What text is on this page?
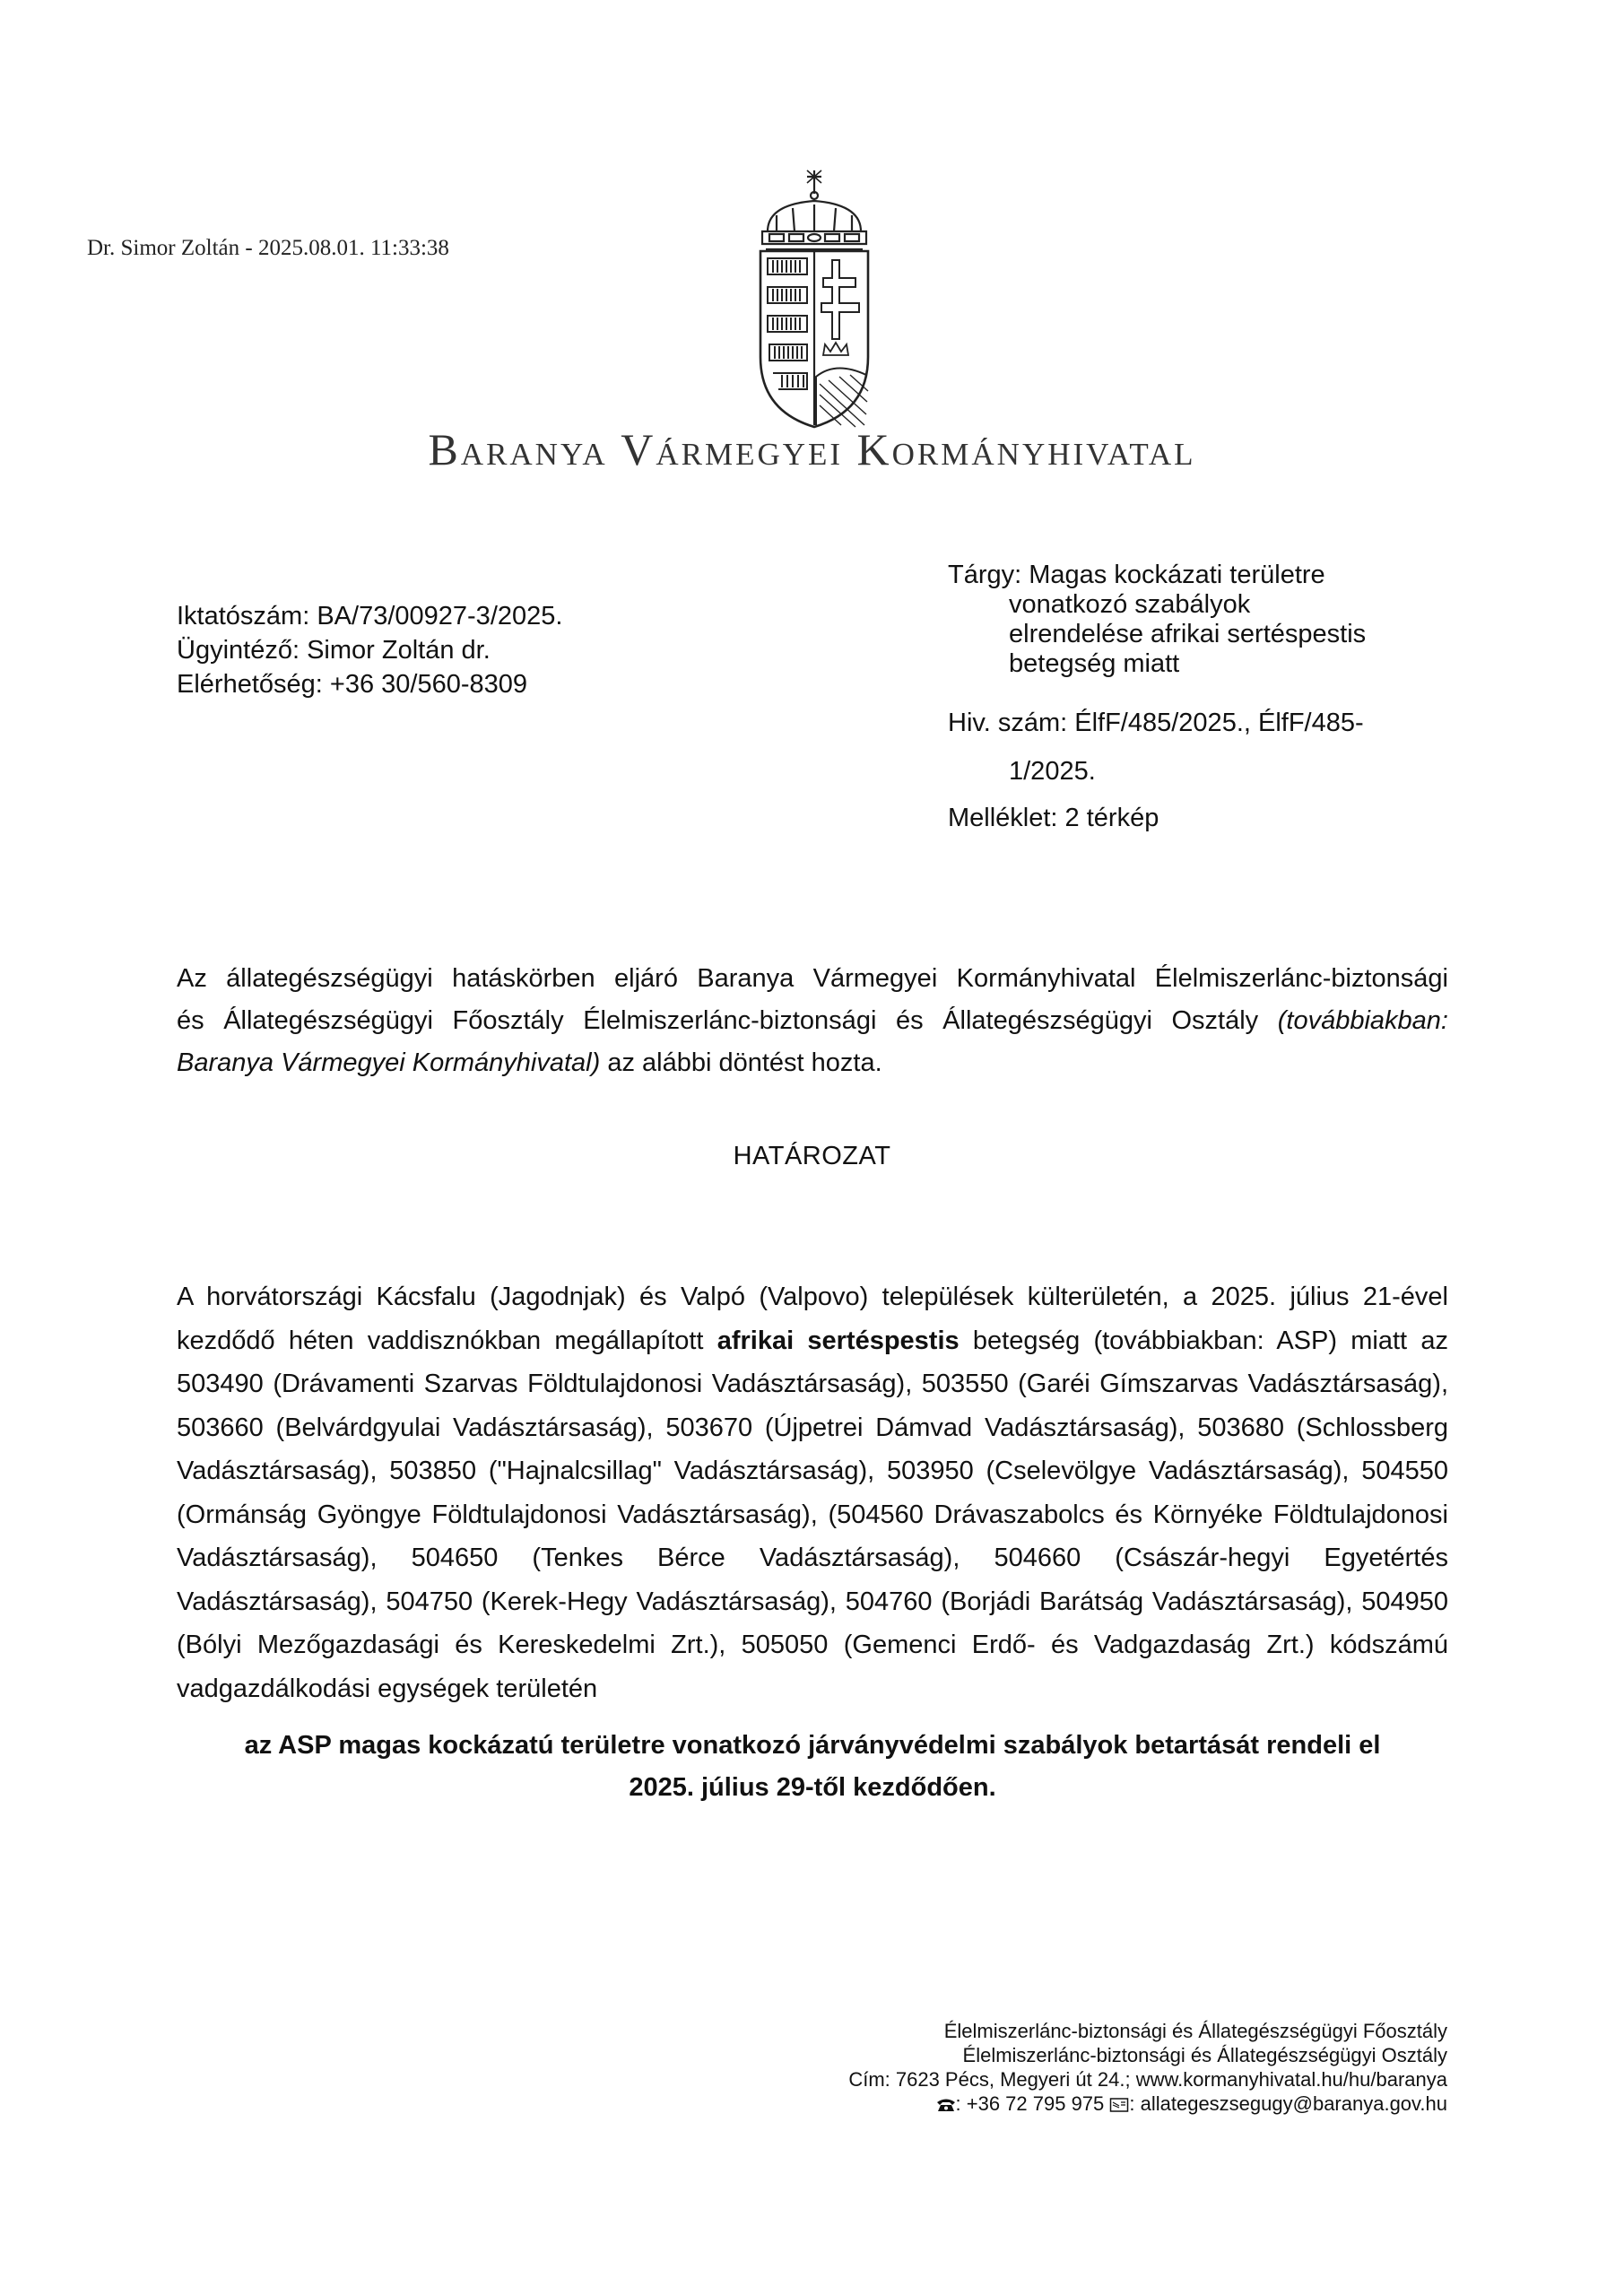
Dr. Simor Zoltán - 2025.08.01. 11:33:38
Baranya Vármegyei Kormányhivatal
Iktatószám: BA/73/00927-3/2025.
Ügyintéző: Simor Zoltán dr.
Elérhetőség: +36 30/560-8309
Tárgy: Magas kockázati területre
vonatkozó szabályok
elrendelése afrikai sertéspestis
betegség miatt
Hiv. szám: ÉlfF/485/2025., ÉlfF/485-
1/2025.
Melléklet: 2 térkép
Az állategészségügyi hatáskörben eljáró Baranya Vármegyei Kormányhivatal Élelmiszerlánc-biztonsági
és Állategészségügyi Főosztály Élelmiszerlánc-biztonsági és Állategészségügyi Osztály (továbbiakban:
Baranya Vármegyei Kormányhivatal) az alábbi döntést hozta.
HATÁROZAT
A horvátországi Kácsfalu (Jagodnjak) és Valpó (Valpovo) települések külterületén, a 2025. július 21-ével kezdődő héten vaddisznókban megállapított afrikai sertéspestis betegség (továbbiakban: ASP) miatt az 503490 (Drávamenti Szarvas Földtulajdonosi Vadásztársaság), 503550 (Garéi Gímszarvas Vadásztársaság), 503660 (Belvárdgyulai Vadásztársaság), 503670 (Újpetrei Dámvad Vadásztársaság), 503680 (Schlossberg Vadásztársaság), 503850 ("Hajnalcsillag" Vadásztársaság), 503950 (Cselevölgye Vadásztársaság), 504550 (Ormánság Gyöngye Földtulajdonosi Vadásztársaság), (504560 Drávaszabolcs és Környéke Földtulajdonosi Vadásztársaság), 504650 (Tenkes Bérce Vadásztársaság), 504660 (Császár-hegyi Egyetértés Vadásztársaság), 504750 (Kerek-Hegy Vadásztársaság), 504760 (Borjádi Barátság Vadásztársaság), 504950 (Bólyi Mezőgazdasági és Kereskedelmi Zrt.), 505050 (Gemenci Erdő- és Vadgazdaság Zrt.) kódszámú vadgazdálkodási egységek területén
az ASP magas kockázatú területre vonatkozó járványvédelmi szabályok betartását rendeli el
2025. július 29-től kezdődően.
Élelmiszerlánc-biztonsági és Állategészségügyi Főosztály
Élelmiszerlánc-biztonsági és Állategészségügyi Osztály
Cím: 7623 Pécs, Megyeri út 24.; www.kormanyhivatal.hu/hu/baranya
: +36 72 795 975 : allategeszsegugy@baranya.gov.hu
